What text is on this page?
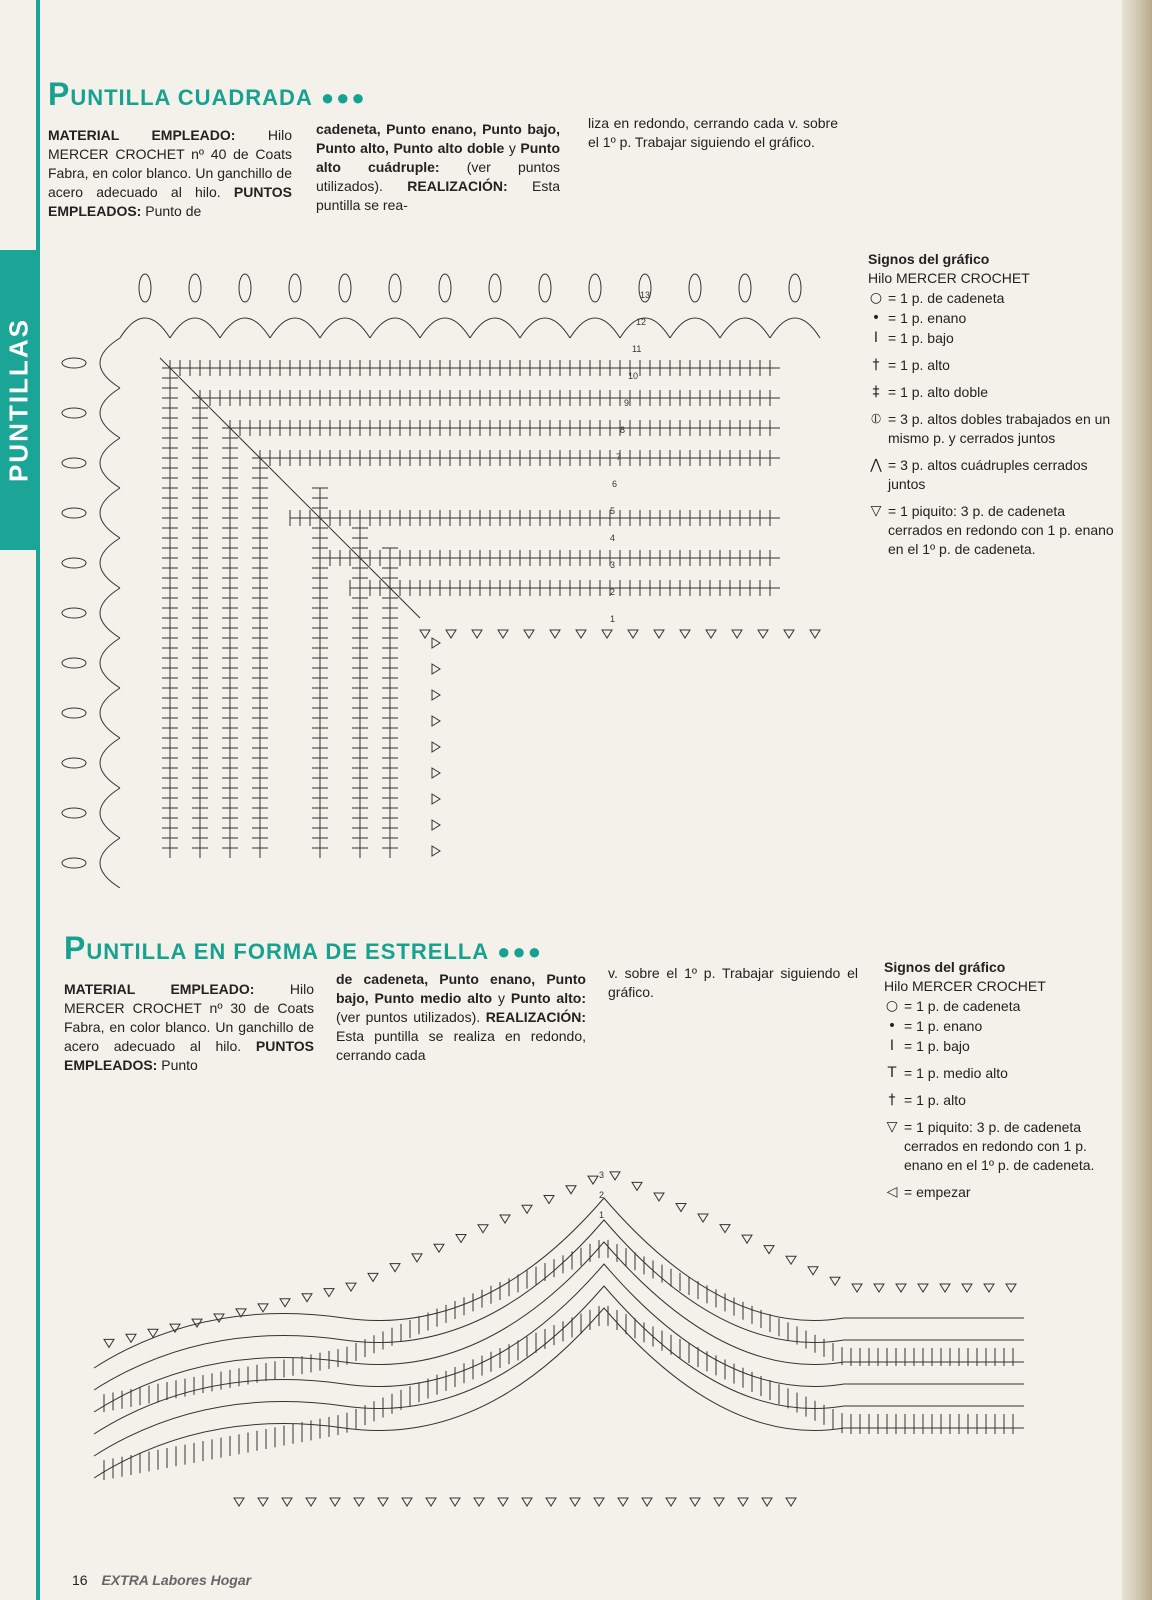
PUNTILLAS
PUNTILLA CUADRADA ●●●
MATERIAL EMPLEADO: Hilo MERCER CROCHET nº 40 de Coats Fabra, en color blanco. Un ganchillo de acero adecuado al hilo. PUNTOS EMPLEADOS: Punto de
cadeneta, Punto enano, Punto bajo, Punto alto, Punto alto doble y Punto alto cuádruple: (ver puntos utilizados). REALIZACIÓN: Esta puntilla se rea-
liza en redondo, cerrando cada v. sobre el 1º p. Trabajar siguiendo el gráfico.
Signos del gráfico
Hilo MERCER CROCHET
○ = 1 p. de cadeneta
• = 1 p. enano
I = 1 p. bajo
† = 1 p. alto
‡ = 1 p. alto doble
⦶ = 3 p. altos dobles trabajados en un mismo p. y cerrados juntos
⋀ = 3 p. altos cuádruples cerrados juntos
▽ = 1 piquito: 3 p. de cadeneta cerrados en redondo con 1 p. enano en el 1º p. de cadeneta.
13
12
11
10
9
8
7
6
5
4
3
2
1
PUNTILLA EN FORMA DE ESTRELLA ●●●
MATERIAL EMPLEADO:	Hilo MERCER CROCHET nº 30 de Coats Fabra, en color blanco. Un ganchillo de acero adecuado al hilo. PUNTOS EMPLEADOS: Punto
de cadeneta, Punto enano, Punto bajo, Punto medio alto y Punto alto: (ver puntos utilizados). REALIZACIÓN: Esta puntilla se realiza en redondo, cerrando cada
v. sobre el 1º p. Trabajar siguiendo el gráfico.
Signos del gráfico
Hilo MERCER CROCHET
○ = 1 p. de cadeneta
• = 1 p. enano
I = 1 p. bajo
T = 1 p. medio alto
† = 1 p. alto
▽ = 1 piquito: 3 p. de cadeneta cerrados en redondo con 1 p. enano en el 1º p. de cadeneta.
◁ = empezar
3
2
1
16 EXTRA Labores Hogar
